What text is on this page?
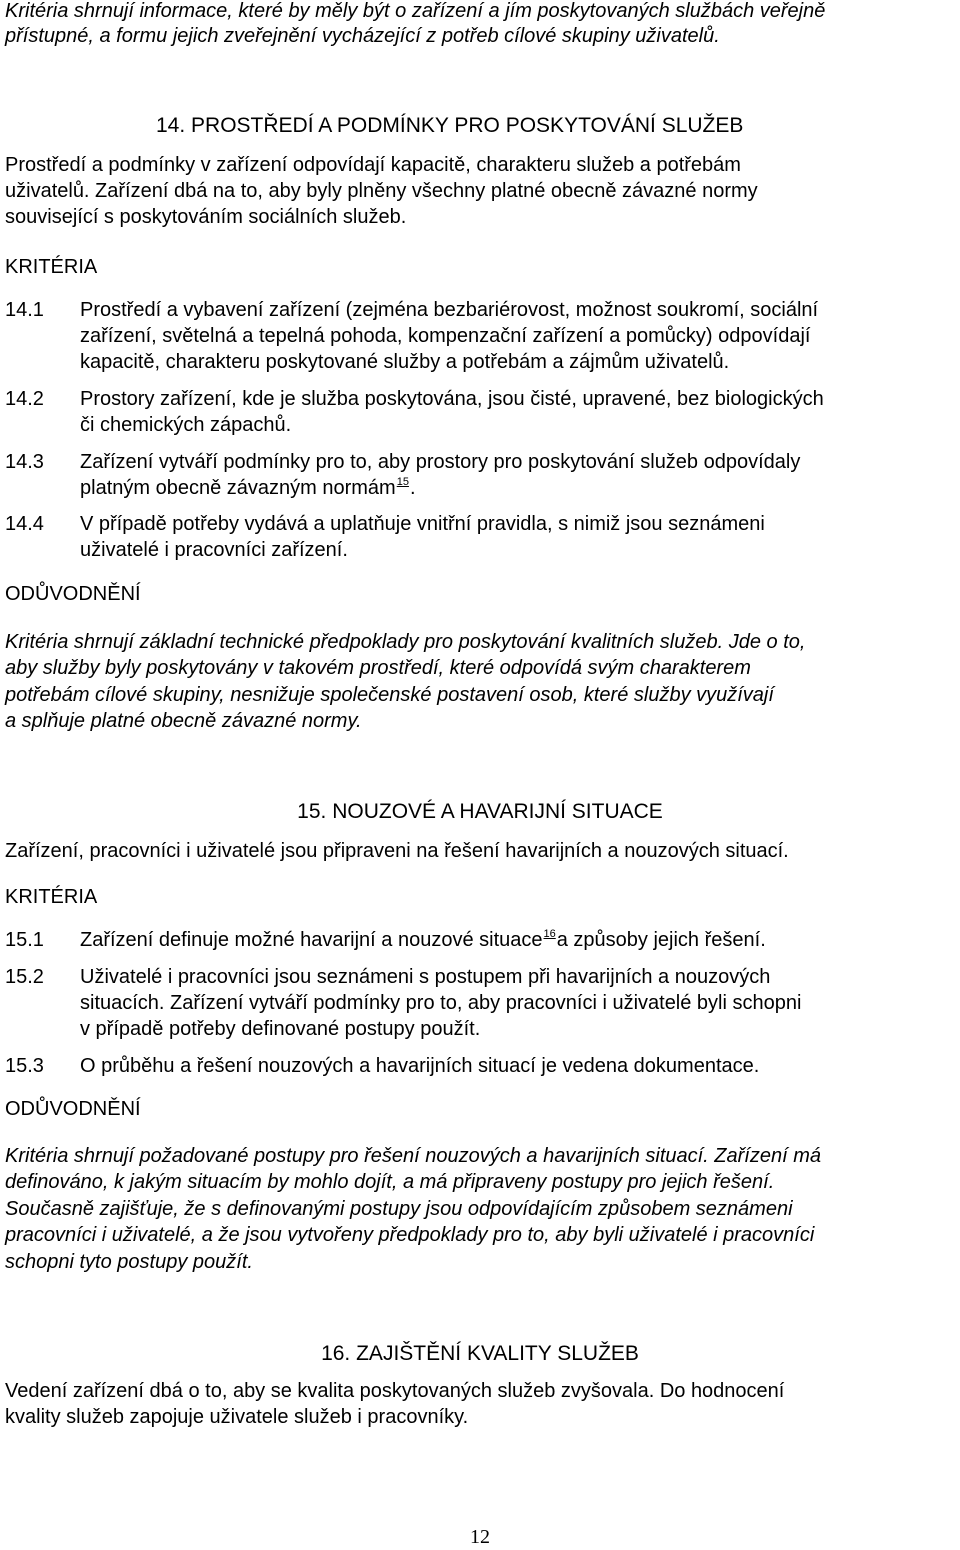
Kritéria shrnují informace, které by měly být o zařízení a jím poskytovaných službách veřejně

přístupné, a formu jejich zveřejnění vycházející z potřeb cílové skupiny uživatelů.

14. PROSTŘEDÍ A PODMÍNKY PRO POSKYTOVÁNÍ SLUŽEB

Prostředí a podmínky v zařízení odpovídají kapacitě, charakteru služeb a potřebám

uživatelů. Zařízení dbá na to, aby byly plněny všechny platné obecně závazné normy

související s poskytováním sociálních služeb.

KRITÉRIA

14.1 Prostředí a vybavení zařízení (zejména bezbariérovost, možnost soukromí, sociální
zařízení, světelná a tepelná pohoda, kompenzační zařízení a pomůcky) odpovídají
kapacitě, charakteru poskytované služby a potřebám a zájmům uživatelů.
14.2 Prostory zařízení, kde je služba poskytována, jsou čisté, upravené, bez biologických
či chemických zápachů.
14.3 Zařízení vytváří podmínky pro to, aby prostory pro poskytování služeb odpovídaly
platným obecně závazným normám$^{15}$.
14.4 V případě potřeby vydává a uplatňuje vnitřní pravidla, s nimiž jsou seznámeni
uživatelé i pracovníci zařízení.

ODŮVODNĚNÍ

Kritéria shrnují základní technické předpoklady pro poskytování kvalitních služeb. Jde o to,

aby služby byly poskytovány v takovém prostředí, které odpovídá svým charakterem

potřebám cílové skupiny, nesnižuje společenské postavení osob, které služby využívají

a splňuje platné obecně závazné normy.

15. NOUZOVÉ A HAVARIJNÍ SITUACE

Zařízení, pracovníci i uživatelé jsou připraveni na řešení havarijních a nouzových situací.

KRITÉRIA

15.1 Zařízení definuje možné havarijní a nouzové situace$^{16}$a způsoby jejich řešení.
15.2 Uživatelé i pracovníci jsou seznámeni s postupem při havarijních a nouzových
situacích. Zařízení vytváří podmínky pro to, aby pracovníci i uživatelé byli schopni
v případě potřeby definované postupy použít.
15.3 O průběhu a řešení nouzových a havarijních situací je vedena dokumentace.

ODŮVODNĚNÍ

Kritéria shrnují požadované postupy pro řešení nouzových a havarijních situací. Zařízení má

definováno, k jakým situacím by mohlo dojít, a má připraveny postupy pro jejich řešení.

Současně zajišťuje, že s definovanými postupy jsou odpovídajícím způsobem seznámeni

pracovníci i uživatelé, a že jsou vytvořeny předpoklady pro to, aby byli uživatelé i pracovníci

schopni tyto postupy použít.

16. ZAJIŠTĚNÍ KVALITY SLUŽEB

Vedení zařízení dbá o to, aby se kvalita poskytovaných služeb zvyšovala. Do hodnocení

kvality služeb zapojuje uživatele služeb i pracovníky.

12
